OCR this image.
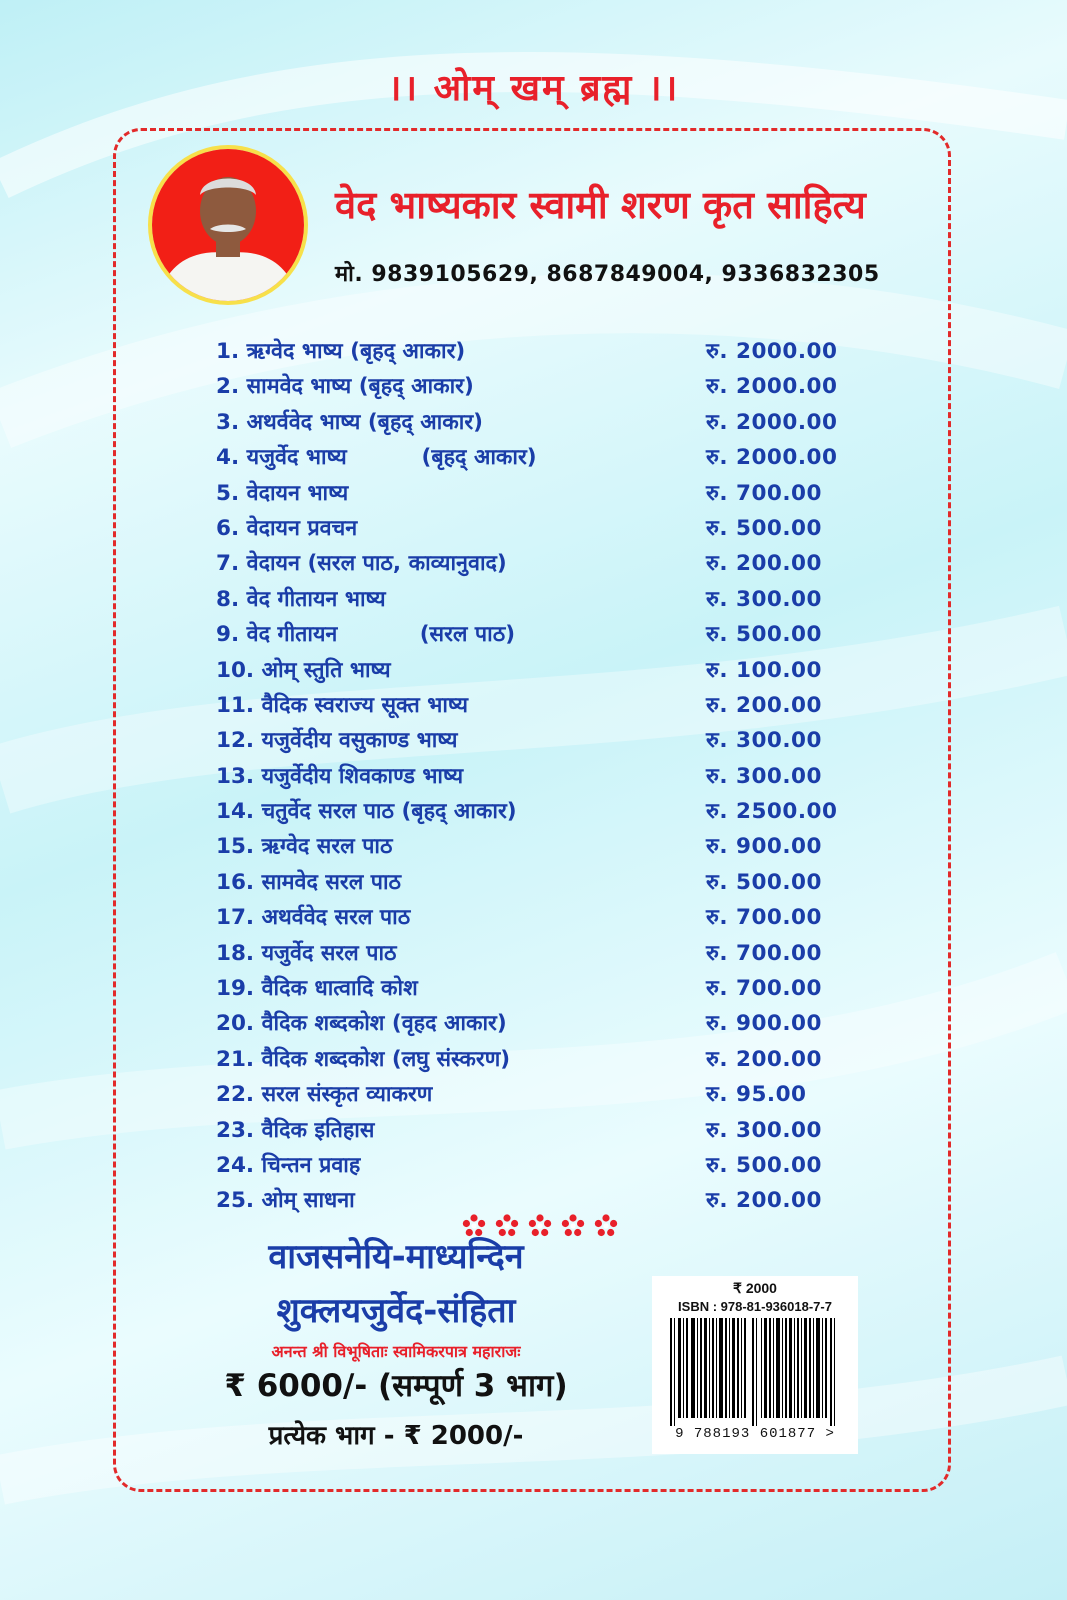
।। ओम् खम् ब्रह्म ।।
वेद भाष्यकार स्वामी शरण कृत साहित्य
मो. 9839105629, 8687849004, 9336832305
1. ऋग्वेद भाष्य (बृहद् आकार)	रु. 2000.00
2. सामवेद भाष्य (बृहद् आकार)	रु. 2000.00
3. अथर्ववेद भाष्य (बृहद् आकार)	रु. 2000.00
4. यजुर्वेद भाष्य          (बृहद् आकार)	रु. 2000.00
5. वेदायन भाष्य	रु. 700.00
6. वेदायन प्रवचन	रु. 500.00
7. वेदायन (सरल पाठ, काव्यानुवाद)	रु. 200.00
8. वेद गीतायन भाष्य	रु. 300.00
9. वेद गीतायन           (सरल पाठ)	रु. 500.00
10. ओम् स्तुति भाष्य	रु. 100.00
11. वैदिक स्वराज्य सूक्त भाष्य	रु. 200.00
12. यजुर्वेदीय वसुकाण्ड भाष्य	रु. 300.00
13. यजुर्वेदीय शिवकाण्ड भाष्य	रु. 300.00
14. चतुर्वेद सरल पाठ (बृहद् आकार)	रु. 2500.00
15. ऋग्वेद सरल पाठ	रु. 900.00
16. सामवेद सरल पाठ	रु. 500.00
17. अथर्ववेद सरल पाठ	रु. 700.00
18. यजुर्वेद सरल पाठ	रु. 700.00
19. वैदिक धात्वादि कोश	रु. 700.00
20. वैदिक शब्दकोश (वृहद आकार)	रु. 900.00
21. वैदिक शब्दकोश (लघु संस्करण)	रु. 200.00
22. सरल संस्कृत व्याकरण	रु. 95.00
23. वैदिक इतिहास	रु. 300.00
24. चिन्तन प्रवाह	रु. 500.00
25. ओम् साधना	रु. 200.00
वाजसनेयि-माध्यन्दिन
शुक्लयजुर्वेद-संहिता
अनन्त श्री विभूषिताः स्वामिकरपात्र महाराजः
₹ 6000/- (सम्पूर्ण 3 भाग)
प्रत्येक भाग - ₹ 2000/-
₹ 2000
ISBN : 978-81-936018-7-7
9 788193 601877 >
